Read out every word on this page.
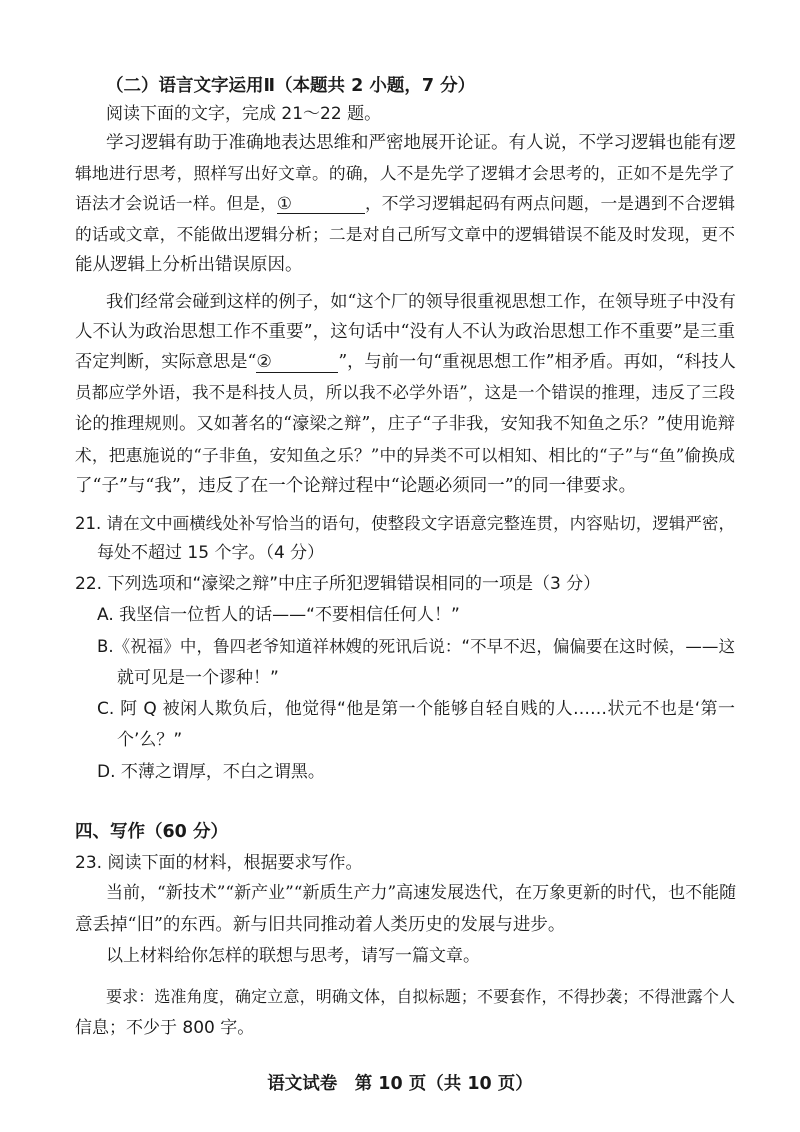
（二）语言文字运用Ⅱ（本题共 2 小题，7 分）
阅读下面的文字，完成 21～22 题。
学习逻辑有助于准确地表达思维和严密地展开论证。有人说，不学习逻辑也能有逻
辑地进行思考，照样写出好文章。的确，人不是先学了逻辑才会思考的，正如不是先学了
语法才会说话一样。但是，①	，不学习逻辑起码有两点问题，一是遇到不合逻辑
的话或文章，不能做出逻辑分析；二是对自己所写文章中的逻辑错误不能及时发现，更不
能从逻辑上分析出错误原因。
我们经常会碰到这样的例子，如“这个厂的领导很重视思想工作，在领导班子中没有
人不认为政治思想工作不重要”，这句话中“没有人不认为政治思想工作不重要”是三重
否定判断，实际意思是“②	”，与前一句“重视思想工作”相矛盾。再如，“科技人
员都应学外语，我不是科技人员，所以我不必学外语”，这是一个错误的推理，违反了三段
论的推理规则。又如著名的“濠梁之辩”，庄子“子非我，安知我不知鱼之乐？”使用诡辩
术，把惠施说的“子非鱼，安知鱼之乐？”中的异类不可以相知、相比的“子”与“鱼”偷换成
了“子”与“我”，违反了在一个论辩过程中“论题必须同一”的同一律要求。
21. 请在文中画横线处补写恰当的语句，使整段文字语意完整连贯，内容贴切，逻辑严密，
每处不超过 15 个字。（4 分）
22. 下列选项和“濠梁之辩”中庄子所犯逻辑错误相同的一项是（3 分）
A. 我坚信一位哲人的话——“不要相信任何人！”
B.《祝福》中，鲁四老爷知道祥林嫂的死讯后说：“不早不迟，偏偏要在这时候，——这
就可见是一个谬种！”
C. 阿 Q 被闲人欺负后，他觉得“他是第一个能够自轻自贱的人……状元不也是‘第一
个’么？”
D. 不薄之谓厚，不白之谓黑。
四、写作（60 分）
23. 阅读下面的材料，根据要求写作。
当前，“新技术”“新产业”“新质生产力”高速发展迭代，在万象更新的时代，也不能随
意丢掉“旧”的东西。新与旧共同推动着人类历史的发展与进步。
以上材料给你怎样的联想与思考，请写一篇文章。
要求：选准角度，确定立意，明确文体，自拟标题；不要套作，不得抄袭；不得泄露个人
信息；不少于 800 字。
语文试卷　第 10 页（共 10 页）
